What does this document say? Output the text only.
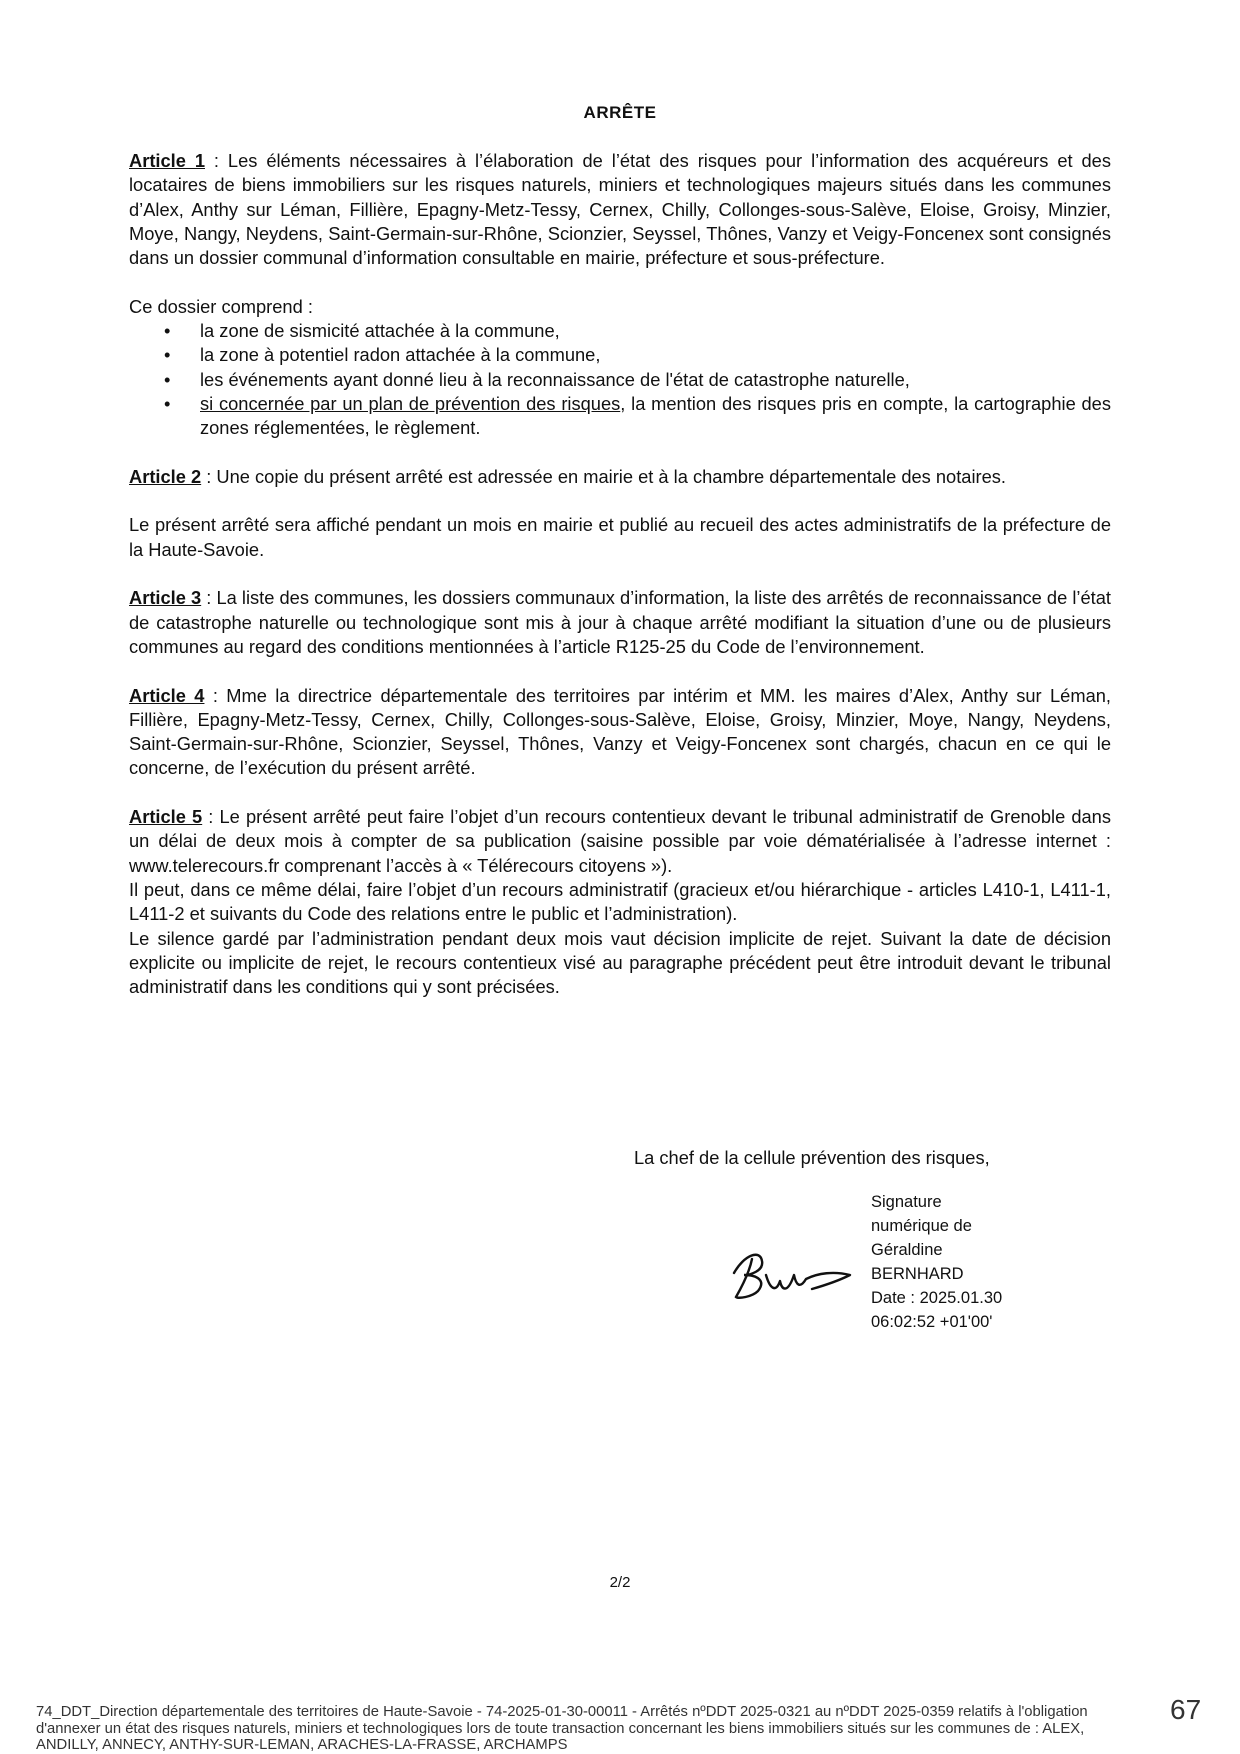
ARRÊTE

Article 1 : Les éléments nécessaires à l’élaboration de l’état des risques pour l’information des acquéreurs et des locataires de biens immobiliers sur les risques naturels, miniers et technologiques majeurs situés dans les communes d’Alex, Anthy sur Léman, Fillière, Epagny-Metz-Tessy, Cernex, Chilly, Collonges-sous-Salève, Eloise, Groisy, Minzier, Moye, Nangy, Neydens, Saint-Germain-sur-Rhône, Scionzier, Seyssel, Thônes, Vanzy et Veigy-Foncenex sont consignés dans un dossier communal d’information consultable en mairie, préfecture et sous-préfecture.

Ce dossier comprend :

• la zone de sismicité attachée à la commune,
• la zone à potentiel radon attachée à la commune,
• les événements ayant donné lieu à la reconnaissance de l'état de catastrophe naturelle,
• si concernée par un plan de prévention des risques, la mention des risques pris en compte, la cartographie des zones réglementées, le règlement.

Article 2 : Une copie du présent arrêté est adressée en mairie et à la chambre départementale des notaires.

Le présent arrêté sera affiché pendant un mois en mairie et publié au recueil des actes administratifs de la préfecture de la Haute-Savoie.

Article 3 : La liste des communes, les dossiers communaux d’information, la liste des arrêtés de reconnaissance de l’état de catastrophe naturelle ou technologique sont mis à jour à chaque arrêté modifiant la situation d’une ou de plusieurs communes au regard des conditions mentionnées à l’article R125-25 du Code de l’environnement.

Article 4 : Mme la directrice départementale des territoires par intérim et MM. les maires d’Alex, Anthy sur Léman, Fillière, Epagny-Metz-Tessy, Cernex, Chilly, Collonges-sous-Salève, Eloise, Groisy, Minzier, Moye, Nangy, Neydens, Saint-Germain-sur-Rhône, Scionzier, Seyssel, Thônes, Vanzy et Veigy-Foncenex sont chargés, chacun en ce qui le concerne, de l’exécution du présent arrêté.

Article 5 : Le présent arrêté peut faire l’objet d’un recours contentieux devant le tribunal administratif de Grenoble dans un délai de deux mois à compter de sa publication (saisine possible par voie dématérialisée à l’adresse internet : www.telerecours.fr comprenant l’accès à « Télérecours citoyens »).

Il peut, dans ce même délai, faire l’objet d’un recours administratif (gracieux et/ou hiérarchique - articles L410-1, L411-1, L411-2 et suivants du Code des relations entre le public et l’administration).

Le silence gardé par l’administration pendant deux mois vaut décision implicite de rejet. Suivant la date de décision explicite ou implicite de rejet, le recours contentieux visé au paragraphe précédent peut être introduit devant le tribunal administratif dans les conditions qui y sont précisées.

La chef de la cellule prévention des risques,
Signature
numérique de
Géraldine
BERNHARD
Date : 2025.01.30
06:02:52 +01'00'
2/2
74_DDT_Direction départementale des territoires de Haute-Savoie - 74-2025-01-30-00011 - Arrêtés nºDDT 2025-0321 au nºDDT 2025-0359 relatifs à l'obligation d'annexer un état des risques naturels, miniers et technologiques lors de toute transaction concernant les biens immobiliers situés sur les communes de : ALEX, ANDILLY, ANNECY, ANTHY-SUR-LEMAN, ARACHES-LA-FRASSE, ARCHAMPS
67
